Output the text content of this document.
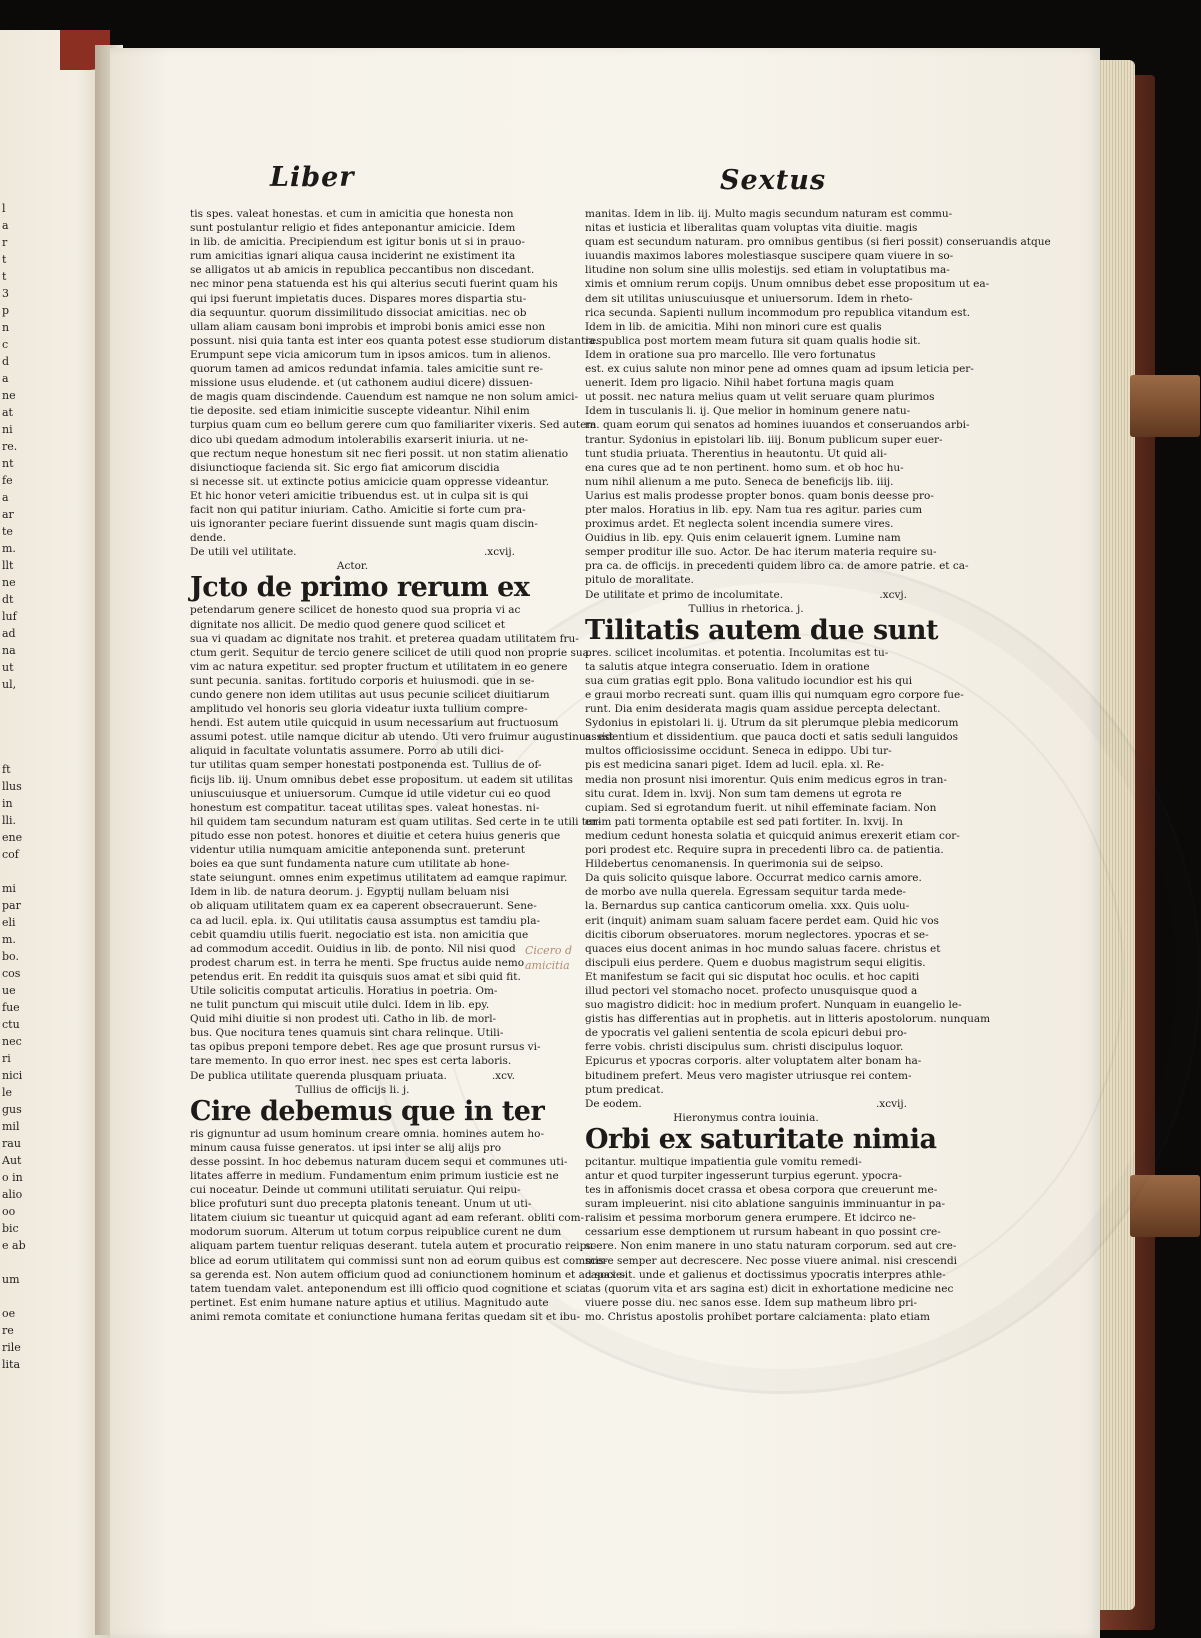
l
a
r
t
t
3
p
n
c
d
a
ne
at
ni
re.
nt
fe
a
ar
te
m.
llt
ne
dt
luf
ad
na
ut
ul,
ft
llus
in
lli.
ene
cof
mi
par
eli
m.
bo.
cos
ue
fue
ctu
nec
ri
nici
le
gus
mil
rau
Aut
o in
alio
oo
bic
e ab
um
oe
re
rile
lita
Liber	Sextus
tis spes. valeat honestas. et cum in amicitia que honesta non
sunt postulantur religio et fides anteponantur amicicie. Idem
in lib. de amicitia. Precipiendum est igitur bonis ut si in prauo-
rum amicitias ignari aliqua causa inciderint ne existiment ita
se alligatos ut ab amicis in republica peccantibus non discedant.
nec minor pena statuenda est his qui alterius secuti fuerint quam his
qui ipsi fuerunt impietatis duces. Dispares mores dispartia stu-
dia sequuntur. quorum dissimilitudo dissociat amicitias. nec ob
ullam aliam causam boni improbis et improbi bonis amici esse non
possunt. nisi quia tanta est inter eos quanta potest esse studiorum distantia.
Erumpunt sepe vicia amicorum tum in ipsos amicos. tum in alienos.
quorum tamen ad amicos redundat infamia. tales amicitie sunt re-
missione usus eludende. et (ut cathonem audiui dicere) dissuen-
de magis quam discindende. Cauendum est namque ne non solum amici-
tie deposite. sed etiam inimicitie suscepte videantur. Nihil enim
turpius quam cum eo bellum gerere cum quo familiariter vixeris. Sed autem
dico ubi quedam admodum intolerabilis exarserit iniuria. ut ne-
que rectum neque honestum sit nec fieri possit. ut non statim alienatio
disiunctioque facienda sit. Sic ergo fiat amicorum discidia
si necesse sit. ut extincte potius amicicie quam oppresse videantur.
Et hic honor veteri amicitie tribuendus est. ut in culpa sit is qui
facit non qui patitur iniuriam. Catho. Amicitie si forte cum pra-
uis ignoranter peciare fuerint dissuende sunt magis quam discin-
dende.
De utili vel utilitate.	.xcvij.
Actor.
Jcto de primo rerum ex
petendarum genere scilicet de honesto quod sua propria vi ac
dignitate nos allicit. De medio quod genere quod scilicet et
sua vi quadam ac dignitate nos trahit. et preterea quadam utilitatem fru-
ctum gerit. Sequitur de tercio genere scilicet de utili quod non proprie sua
vim ac natura expetitur. sed propter fructum et utilitatem in eo genere
sunt pecunia. sanitas. fortitudo corporis et huiusmodi. que in se-
cundo genere non idem utilitas aut usus pecunie scilicet diuitiarum
amplitudo vel honoris seu gloria videatur iuxta tullium compre-
hendi. Est autem utile quicquid in usum necessarium aut fructuosum
assumi potest. utile namque dicitur ab utendo. Uti vero fruimur augustinus. est
aliquid in facultate voluntatis assumere. Porro ab utili dici-
tur utilitas quam semper honestati postponenda est. Tullius de of-
ficijs lib. iij. Unum omnibus debet esse propositum. ut eadem sit utilitas
uniuscuiusque et uniuersorum. Cumque id utile videtur cui eo quod
honestum est compatitur. taceat utilitas spes. valeat honestas. ni-
hil quidem tam secundum naturam est quam utilitas. Sed certe in te utili tur-
pitudo esse non potest. honores et diuitie et cetera huius generis que
videntur utilia numquam amicitie anteponenda sunt. preterunt
boies ea que sunt fundamenta nature cum utilitate ab hone-
state seiungunt. omnes enim expetimus utilitatem ad eamque rapimur.
Idem in lib. de natura deorum. j. Egyptij nullam beluam nisi
ob aliquam utilitatem quam ex ea caperent obsecrauerunt. Sene-
ca ad lucil. epla. ix. Qui utilitatis causa assumptus est tamdiu pla-
cebit quamdiu utilis fuerit. negociatio est ista. non amicitia que
ad commodum accedit. Ouidius in lib. de ponto. Nil nisi quod
prodest charum est. in terra he menti. Spe fructus auide nemo
petendus erit. En reddit ita quisquis suos amat et sibi quid fit.
Utile solicitis computat articulis. Horatius in poetria. Om-
ne tulit punctum qui miscuit utile dulci. Idem in lib. epy.
Quid mihi diuitie si non prodest uti. Catho in lib. de morl-
bus. Que nocitura tenes quamuis sint chara relinque. Utili-
tas opibus preponi tempore debet. Res age que prosunt rursus vi-
tare memento. In quo error inest. nec spes est certa laboris.
De publica utilitate querenda plusquam priuata.	.xcv.
Tullius de officijs li. j.
Cire debemus que in ter
ris gignuntur ad usum hominum creare omnia. homines autem ho-
minum causa fuisse generatos. ut ipsi inter se alij alijs pro
desse possint. In hoc debemus naturam ducem sequi et communes uti-
litates afferre in medium. Fundamentum enim primum iusticie est ne
cui noceatur. Deinde ut communi utilitati seruiatur. Qui reipu-
blice profuturi sunt duo precepta platonis teneant. Unum ut uti-
litatem ciuium sic tueantur ut quicquid agant ad eam referant. obliti com-
modorum suorum. Alterum ut totum corpus reipublice curent ne dum
aliquam partem tuentur reliquas deserant. tutela autem et procuratio reipu-
blice ad eorum utilitatem qui commissi sunt non ad eorum quibus est commis-
sa gerenda est. Non autem officium quod ad coniunctionem hominum et ad socie-
tatem tuendam valet. anteponendum est illi officio quod cognitione et scia
pertinet. Est enim humane nature aptius et utilius. Magnitudo aute
animi remota comitate et coniunctione humana feritas quedam sit et ibu-
manitas. Idem in lib. iij. Multo magis secundum naturam est commu-
nitas et iusticia et liberalitas quam voluptas vita diuitie. magis
quam est secundum naturam. pro omnibus gentibus (si fieri possit) conseruandis atque
iuuandis maximos labores molestiasque suscipere quam viuere in so-
litudine non solum sine ullis molestijs. sed etiam in voluptatibus ma-
ximis et omnium rerum copijs. Unum omnibus debet esse propositum ut ea-
dem sit utilitas uniuscuiusque et uniuersorum. Idem in rheto-
rica secunda. Sapienti nullum incommodum pro republica vitandum est.
Idem in lib. de amicitia. Mihi non minori cure est qualis
respublica post mortem meam futura sit quam qualis hodie sit.
Idem in oratione sua pro marcello. Ille vero fortunatus
est. ex cuius salute non minor pene ad omnes quam ad ipsum leticia per-
uenerit. Idem pro ligacio. Nihil habet fortuna magis quam
ut possit. nec natura melius quam ut velit seruare quam plurimos
Idem in tusculanis li. ij. Que melior in hominum genere natu-
ra. quam eorum qui senatos ad homines iuuandos et conseruandos arbi-
trantur. Sydonius in epistolari lib. iiij. Bonum publicum super euer-
tunt studia priuata. Therentius in heautontu. Ut quid ali-
ena cures que ad te non pertinent. homo sum. et ob hoc hu-
num nihil alienum a me puto. Seneca de beneficijs lib. iiij.
Uarius est malis prodesse propter bonos. quam bonis deesse pro-
pter malos. Horatius in lib. epy. Nam tua res agitur. paries cum
proximus ardet. Et neglecta solent incendia sumere vires.
Ouidius in lib. epy. Quis enim celauerit ignem. Lumine nam
semper proditur ille suo. Actor. De hac iterum materia require su-
pra ca. de officijs. in precedenti quidem libro ca. de amore patrie. et ca-
pitulo de moralitate.
De utilitate et primo de incolumitate.	.xcvj.
Tullius in rhetorica. j.
Tilitatis autem due sunt
pres. scilicet incolumitas. et potentia. Incolumitas est tu-
ta salutis atque integra conseruatio. Idem in oratione
sua cum gratias egit pplo. Bona valitudo iocundior est his qui
e graui morbo recreati sunt. quam illis qui numquam egro corpore fue-
runt. Dia enim desiderata magis quam assidue percepta delectant.
Sydonius in epistolari li. ij. Utrum da sit plerumque plebia medicorum
assidentium et dissidentium. que pauca docti et satis seduli languidos
multos officiosissime occidunt. Seneca in edippo. Ubi tur-
pis est medicina sanari piget. Idem ad lucil. epla. xl. Re-
media non prosunt nisi imorentur. Quis enim medicus egros in tran-
situ curat. Idem in. lxvij. Non sum tam demens ut egrota re
cupiam. Sed si egrotandum fuerit. ut nihil effeminate faciam. Non
enim pati tormenta optabile est sed pati fortiter. In. lxvij. In
medium cedunt honesta solatia et quicquid animus erexerit etiam cor-
pori prodest etc. Require supra in precedenti libro ca. de patientia.
Hildebertus cenomanensis. In querimonia sui de seipso.
Da quis solicito quisque labore. Occurrat medico carnis amore.
de morbo ave nulla querela. Egressam sequitur tarda mede-
la. Bernardus sup cantica canticorum omelia. xxx. Quis uolu-
erit (inquit) animam suam saluam facere perdet eam. Quid hic vos
dicitis ciborum obseruatores. morum neglectores. ypocras et se-
quaces eius docent animas in hoc mundo saluas facere. christus et
discipuli eius perdere. Quem e duobus magistrum sequi eligitis.
Et manifestum se facit qui sic disputat hoc oculis. et hoc capiti
illud pectori vel stomacho nocet. profecto unusquisque quod a
suo magistro didicit: hoc in medium profert. Nunquam in euangelio le-
gistis has differentias aut in prophetis. aut in litteris apostolorum. nunquam
de ypocratis vel galieni sententia de scola epicuri debui pro-
ferre vobis. christi discipulus sum. christi discipulus loquor.
Epicurus et ypocras corporis. alter voluptatem alter bonam ha-
bitudinem prefert. Meus vero magister utriusque rei contem-
ptum predicat.
De eodem.	.xcvij.
Hieronymus contra iouinia.
Orbi ex saturitate nimia
pcitantur. multique impatientia gule vomitu remedi-
antur et quod turpiter ingesserunt turpius egerunt. ypocra-
tes in affonismis docet crassa et obesa corpora que creuerunt me-
suram impleuerint. nisi cito ablatione sanguinis imminuantur in pa-
ralisim et pessima morborum genera erumpere. Et idcirco ne-
cessarium esse demptionem ut rursum habeant in quo possint cre-
scere. Non enim manere in uno statu naturam corporum. sed aut cre-
scere semper aut decrescere. Nec posse viuere animal. nisi crescendi
capax sit. unde et galienus et doctissimus ypocratis interpres athle-
tas (quorum vita et ars sagina est) dicit in exhortatione medicine nec
viuere posse diu. nec sanos esse. Idem sup matheum libro pri-
mo. Christus apostolis prohibet portare calciamenta: plato etiam
Cicero d
amicitia
